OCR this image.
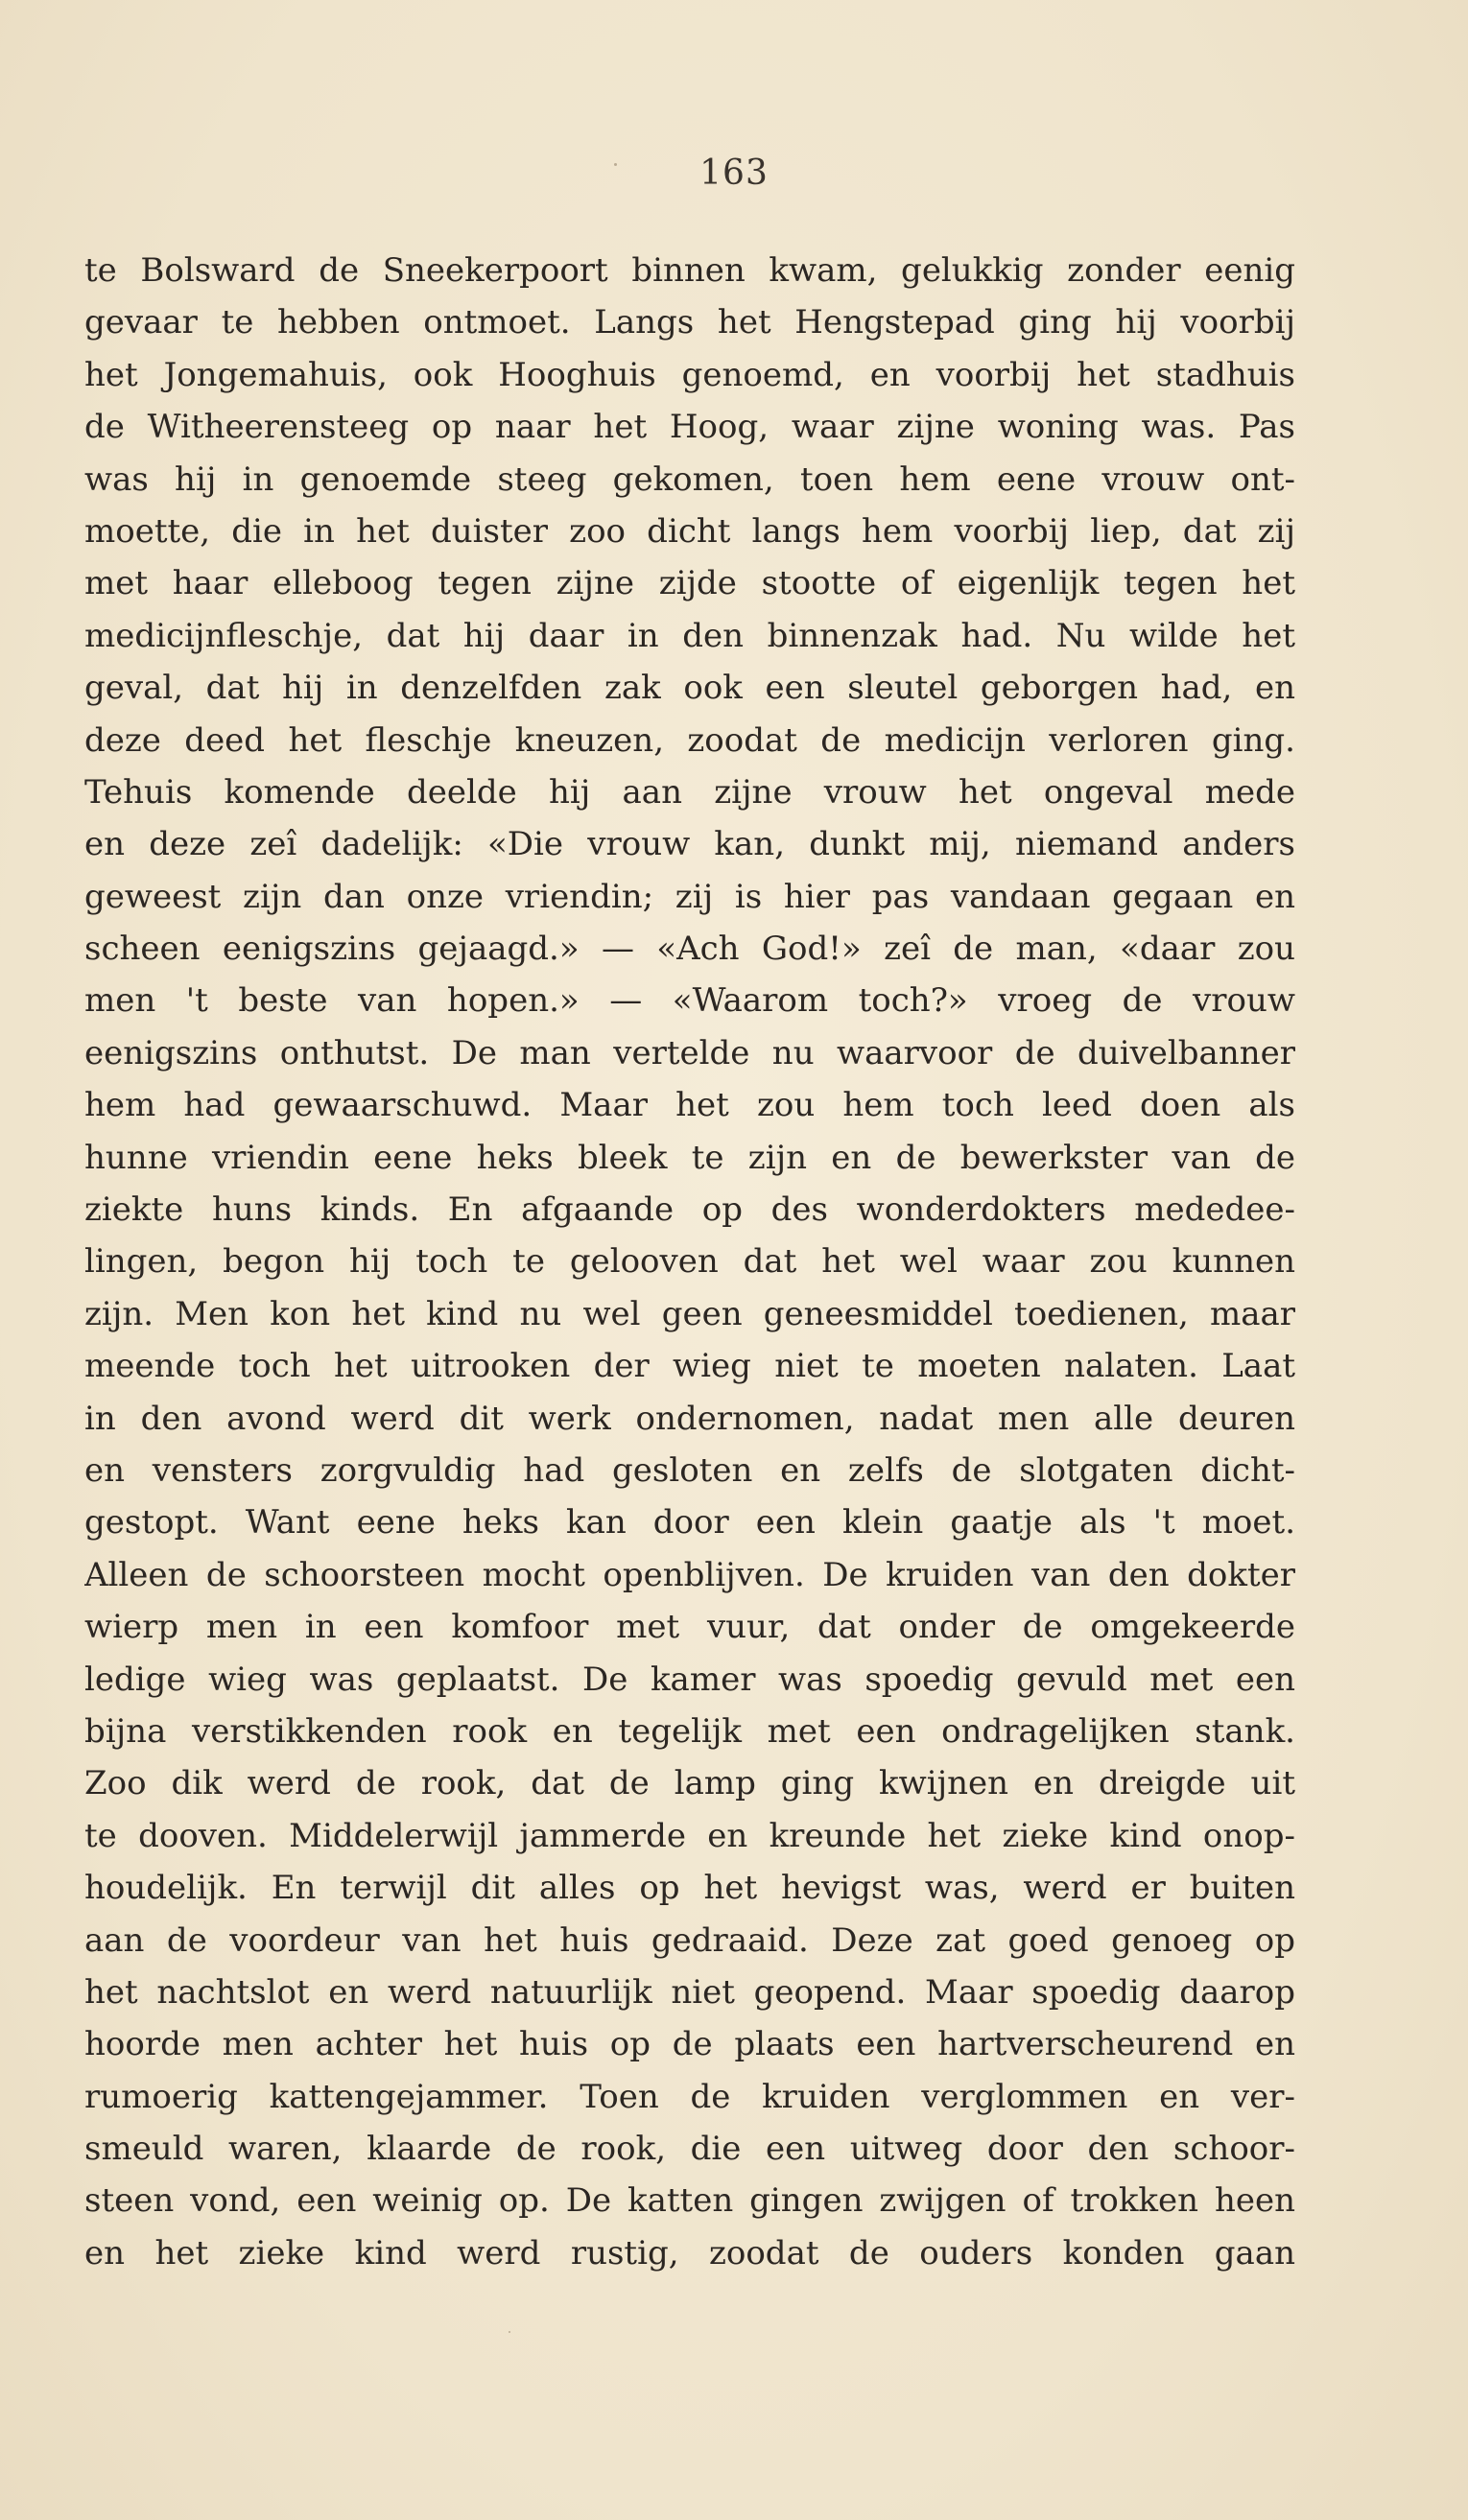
163
te Bolsward de Sneekerpoort binnen kwam, gelukkig zonder eenig
gevaar te hebben ontmoet. Langs het Hengstepad ging hij voorbij
het Jongemahuis, ook Hooghuis genoemd, en voorbij het stadhuis
de Witheerensteeg op naar het Hoog, waar zijne woning was. Pas
was hij in genoemde steeg gekomen, toen hem eene vrouw ont-
moette, die in het duister zoo dicht langs hem voorbij liep, dat zij
met haar elleboog tegen zijne zijde stootte of eigenlijk tegen het
medicijnfleschje, dat hij daar in den binnenzak had. Nu wilde het
geval, dat hij in denzelfden zak ook een sleutel geborgen had, en
deze deed het fleschje kneuzen, zoodat de medicijn verloren ging.
Tehuis komende deelde hij aan zijne vrouw het ongeval mede
en deze zeî dadelijk: «Die vrouw kan, dunkt mij, niemand anders
geweest zijn dan onze vriendin; zij is hier pas vandaan gegaan en
scheen eenigszins gejaagd.» — «Ach God!» zeî de man, «daar zou
men 't beste van hopen.» — «Waarom toch?» vroeg de vrouw
eenigszins onthutst. De man vertelde nu waarvoor de duivelbanner
hem had gewaarschuwd. Maar het zou hem toch leed doen als
hunne vriendin eene heks bleek te zijn en de bewerkster van de
ziekte huns kinds. En afgaande op des wonderdokters mededee-
lingen, begon hij toch te gelooven dat het wel waar zou kunnen
zijn. Men kon het kind nu wel geen geneesmiddel toedienen, maar
meende toch het uitrooken der wieg niet te moeten nalaten. Laat
in den avond werd dit werk ondernomen, nadat men alle deuren
en vensters zorgvuldig had gesloten en zelfs de slotgaten dicht-
gestopt. Want eene heks kan door een klein gaatje als 't moet.
Alleen de schoorsteen mocht openblijven. De kruiden van den dokter
wierp men in een komfoor met vuur, dat onder de omgekeerde
ledige wieg was geplaatst. De kamer was spoedig gevuld met een
bijna verstikkenden rook en tegelijk met een ondragelijken stank.
Zoo dik werd de rook, dat de lamp ging kwijnen en dreigde uit
te dooven. Middelerwijl jammerde en kreunde het zieke kind onop-
houdelijk. En terwijl dit alles op het hevigst was, werd er buiten
aan de voordeur van het huis gedraaid. Deze zat goed genoeg op
het nachtslot en werd natuurlijk niet geopend. Maar spoedig daarop
hoorde men achter het huis op de plaats een hartverscheurend en
rumoerig kattengejammer. Toen de kruiden verglommen en ver-
smeuld waren, klaarde de rook, die een uitweg door den schoor-
steen vond, een weinig op. De katten gingen zwijgen of trokken heen
en het zieke kind werd rustig, zoodat de ouders konden gaan
